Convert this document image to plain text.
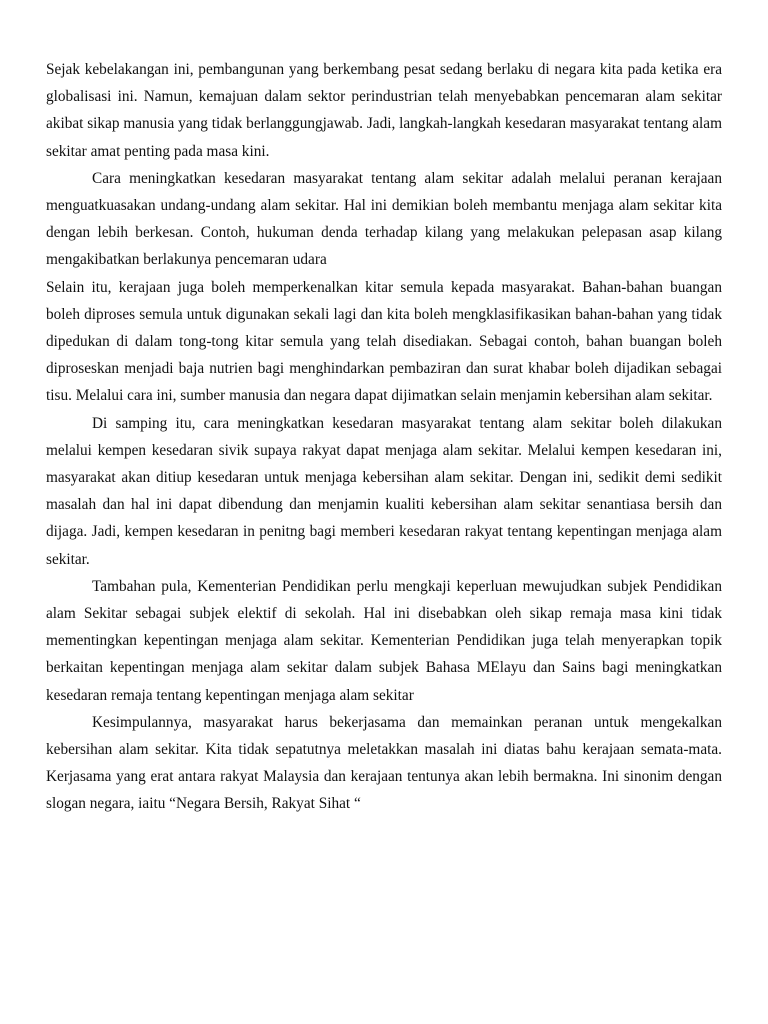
Sejak kebelakangan ini, pembangunan yang berkembang pesat sedang berlaku di negara kita pada ketika era globalisasi ini. Namun, kemajuan dalam sektor perindustrian telah menyebabkan pencemaran alam sekitar akibat sikap manusia yang tidak berlanggungjawab. Jadi, langkah-langkah kesedaran masyarakat tentang alam sekitar amat penting pada masa kini.

Cara meningkatkan kesedaran masyarakat tentang alam sekitar adalah melalui peranan kerajaan menguatkuasakan undang-undang alam sekitar. Hal ini demikian boleh membantu menjaga alam sekitar kita dengan lebih berkesan. Contoh, hukuman denda terhadap kilang yang melakukan pelepasan asap kilang mengakibatkan berlakunya pencemaran udara

Selain itu, kerajaan juga boleh memperkenalkan kitar semula kepada masyarakat. Bahan-bahan buangan boleh diproses semula untuk digunakan sekali lagi dan kita boleh mengklasifikasikan bahan-bahan yang tidak dipedukan di dalam tong-tong kitar semula yang telah disediakan. Sebagai contoh, bahan buangan boleh diproseskan menjadi baja nutrien bagi menghindarkan pembaziran dan surat khabar boleh dijadikan sebagai tisu. Melalui cara ini, sumber manusia dan negara dapat dijimatkan selain menjamin kebersihan alam sekitar.

Di samping itu, cara meningkatkan kesedaran masyarakat tentang alam sekitar boleh dilakukan melalui kempen kesedaran sivik supaya rakyat dapat menjaga alam sekitar. Melalui kempen kesedaran ini, masyarakat akan ditiup kesedaran untuk menjaga kebersihan alam sekitar. Dengan ini, sedikit demi sedikit masalah dan hal ini dapat dibendung dan menjamin kualiti kebersihan alam sekitar senantiasa bersih dan dijaga. Jadi, kempen kesedaran in penitng bagi memberi kesedaran rakyat tentang kepentingan menjaga alam sekitar.

Tambahan pula, Kementerian Pendidikan perlu mengkaji keperluan mewujudkan subjek Pendidikan alam Sekitar sebagai subjek elektif di sekolah. Hal ini disebabkan oleh sikap remaja masa kini tidak mementingkan kepentingan menjaga alam sekitar. Kementerian Pendidikan juga telah menyerapkan topik berkaitan kepentingan menjaga alam sekitar dalam subjek Bahasa MElayu dan Sains bagi meningkatkan kesedaran remaja tentang kepentingan menjaga alam sekitar

Kesimpulannya, masyarakat harus bekerjasama dan memainkan peranan untuk mengekalkan kebersihan alam sekitar. Kita tidak sepatutnya meletakkan masalah ini diatas bahu kerajaan semata-mata. Kerjasama yang erat antara rakyat Malaysia dan kerajaan tentunya akan lebih bermakna. Ini sinonim dengan slogan negara, iaitu “Negara Bersih, Rakyat Sihat “
